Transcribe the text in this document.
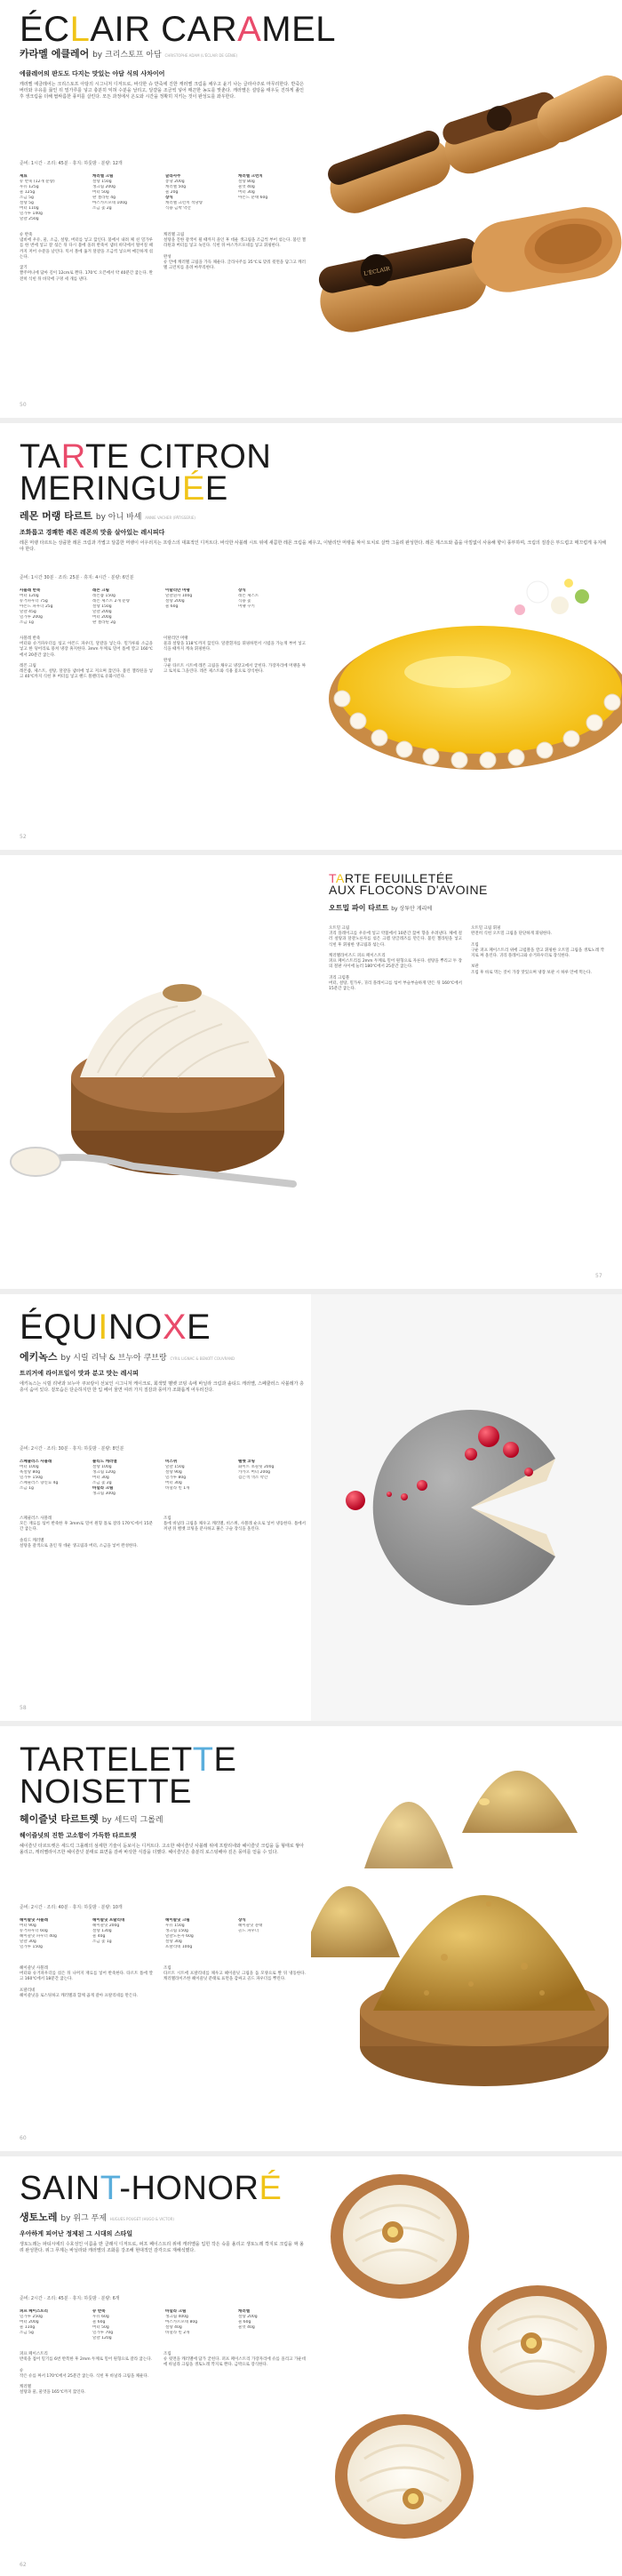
ÉCLAIR CARAMEL
카라멜 에클레어 by 크리스토프 아담 CHRISTOPHE ADAM (L'ÉCLAIR DE GÉNIE)
에클레어의 판도도 다지는 맛있는 아담 식의 사차이어
캐러멜 에클레어는 크리스토프 아담의 시그니처 디저트로, 바삭한 슈 반죽에 진한 캐러멜 크림을 채우고 윤기 나는 글라사주로 마무리한다. 반죽은 버터와 우유를 끓인 뒤 밀가루를 넣고 충분히 익혀 수분을 날리고, 달걀을 조금씩 넣어 매끈한 농도를 맞춘다. 캐러멜은 설탕을 태우듯 진하게 졸인 후 생크림을 더해 쌉싸름한 풍미를 살린다. 모든 과정에서 온도와 시간을 정확히 지키는 것이 완성도를 좌우한다.
준비: 1시간 · 조리: 45분 · 휴지: 하룻밤 · 분량: 12개
재료
슈 반죽 (12개 분량)
우유 125g
물 125g
소금 5g
설탕 5g
버터 110g
밀가루 140g
달걀 250g
캐러멜 크림
설탕 150g
생크림 200g
버터 50g
판 젤라틴 4g
마스카르포네 100g
소금 꽃 2g
글라사주
퐁당 200g
캐러멜 50g
물 20g
장식
캐러멜 크런치 적당량
식용 금박 약간
캐러멜 크런치
설탕 80g
물엿 40g
버터 30g
아몬드 분태 60g
슈 반죽
냄비에 우유, 물, 소금, 설탕, 버터를 넣고 끓인다. 불에서 내려 체 친 밀가루를 한 번에 넣고 잘 섞은 뒤 다시 불에 올려 반죽이 냄비 바닥에서 떨어질 때까지 저어 수분을 날린다. 믹서 볼에 옮겨 달걀을 조금씩 넣으며 매끈하게 섞는다.

굽기
짤주머니에 담아 길이 12cm로 짠다. 170℃ 오븐에서 약 40분간 굽는다. 완전히 식힌 뒤 바닥에 구멍 세 개를 낸다.
캐러멜 크림
설탕을 진한 갈색이 될 때까지 졸인 후 데운 생크림을 조금씩 부어 섞는다. 불린 젤라틴과 버터를 넣고 녹인다. 식힌 뒤 마스카르포네를 넣고 휘핑한다.

완성
슈 안에 캐러멜 크림을 가득 채운다. 글라사주를 35℃로 맞춰 윗면을 담그고 캐러멜 크런치를 올려 마무리한다.
50
L'ÉCLAIR
TARTE CITRON
MERINGUÉE
레몬 머랭 타르트 by 아니 바셰 ANNIE VACHER (PÂTISSERIE)
조화롭고 경쾌한 레몬 레몬의 맛을 살아있는 레시피다
레몬 머랭 타르트는 상큼한 레몬 크림과 가볍고 달콤한 머랭이 어우러지는 프랑스의 대표적인 디저트다. 바삭한 사블레 시트 위에 새콤한 레몬 크림을 채우고, 이탈리안 머랭을 짜서 토치로 살짝 그을려 완성한다. 레몬 제스트와 즙을 아낌없이 사용해 향이 풍부하며, 크림의 질감은 부드럽고 매끄럽게 유지해야 한다.
준비: 1시간 30분 · 조리: 25분 · 휴지: 4시간 · 분량: 6인분
사블레 반죽
버터 120g
슈거파우더 75g
아몬드 파우더 25g
달걀 45g
밀가루 200g
소금 1g
레몬 크림
레몬즙 150g
레몬 제스트 2개 분량
설탕 150g
달걀 200g
버터 200g
판 젤라틴 2g
이탈리안 머랭
달걀흰자 100g
설탕 200g
물 60g
장식
레몬 제스트
식용 꽃
머랭 쿠키
사블레 반죽
버터와 슈거파우더를 섞고 아몬드 파우더, 달걀을 넣는다. 밀가루와 소금을 넣고 한 덩어리로 뭉쳐 냉장 휴지한다. 3mm 두께로 밀어 틀에 깔고 160℃에서 20분간 굽는다.

레몬 크림
레몬즙, 제스트, 설탕, 달걀을 냄비에 넣고 저으며 끓인다. 불린 젤라틴을 넣고 40℃까지 식힌 후 버터를 넣고 핸드 블렌더로 유화시킨다.
이탈리안 머랭
물과 설탕을 118℃까지 끓인다. 달걀흰자를 휘핑하면서 시럽을 가늘게 부어 넣고 식을 때까지 계속 휘핑한다.

완성
구운 타르트 시트에 레몬 크림을 채우고 냉장고에서 굳힌다. 가장자리에 머랭을 짜고 토치로 그을린다. 레몬 제스트와 식용 꽃으로 장식한다.
52
TARTE FEUILLETÉE
AUX FLOCONS D'AVOINE
오트밀 파이 타르트 by 상투안 게리에
오트밀 크림
귀리 플레이크를 우유에 넣고 약불에서 10분간 끓여 향을 우려낸다. 체에 걸러 설탕과 달걀노른자를 섞은 크렘 앙글레즈를 만든다. 불린 젤라틴을 넣고 식힌 후 휘핑한 생크림과 섞는다.

캐러멜라이즈드 퍼프 페이스트리
퍼프 페이스트리를 2mm 두께로 밀어 원형으로 자른다. 설탕을 뿌리고 두 장의 철판 사이에 눌러 180℃에서 25분간 굽는다.

귀리 크럼블
버터, 설탕, 밀가루, 귀리 플레이크를 섞어 부슬부슬하게 만든 뒤 160℃에서 15분간 굽는다.
오트밀 크림 휘핑
완전히 식힌 오트밀 크림을 단단하게 휘핑한다.

조립
구운 퍼프 페이스트리 위에 크럼블을 깔고 휘핑한 오트밀 크림을 생토노레 깍지로 짜 올린다. 귀리 플레이크와 슈거파우더로 장식한다.

보관
조립 후 바로 먹는 것이 가장 맛있으며 냉장 보관 시 하루 안에 먹는다.
57
ÉQUINOXE
에키녹스 by 시릴 리냑 & 브누아 쿠브랑 CYRIL LIGNAC & BENOÎT COUVRAND
트리거에 라이프일이 맛과 분고 맛는 레시피
에키녹스는 시릴 리냑과 브누아 쿠브랑이 선보인 시그니처 케이크로, 회색빛 벨벳 코팅 속에 바닐라 크림과 솔티드 캐러멜, 스페큘러스 사블레가 층층이 숨어 있다. 겉모습은 단순하지만 한 입 베어 물면 여러 가지 질감과 풍미가 조화롭게 어우러진다.
준비: 2시간 · 조리: 30분 · 휴지: 하룻밤 · 분량: 8인분
스페큘러스 사블레
버터 100g
흑설탕 80g
밀가루 150g
스페큘러스 향신료 4g
소금 1g
솔티드 캐러멜
설탕 100g
생크림 120g
버터 30g
소금 꽃 2g
바닐라 크림
생크림 300g
비스퀴
달걀 150g
설탕 90g
밀가루 80g
버터 30g
바닐라 빈 1개
벨벳 코팅
화이트 초콜릿 200g
카카오 버터 200g
검은색 색소 약간
스페큘러스 사블레
모든 재료를 섞어 반죽한 후 3mm로 밀어 원형 틀로 잘라 170℃에서 15분간 굽는다.

솔티드 캐러멜
설탕을 갈색으로 졸인 뒤 데운 생크림과 버터, 소금을 넣어 완성한다.
조립
틀에 바닐라 크림을 채우고 캐러멜, 비스퀴, 사블레 순으로 넣어 냉동한다. 틀에서 꺼낸 뒤 벨벳 코팅을 분사하고 붉은 구슬 장식을 올린다.
58
TARTELETTE
NOISETTE
헤이즐넛 타르트렛 by 세드릭 그롤레
헤이즐넛의 진한 고소함이 가득한 타르트렛
헤이즐넛 타르트렛은 세드릭 그롤레의 섬세한 기술이 돋보이는 디저트다. 고소한 헤이즐넛 사블레 위에 프랄리네와 헤이즐넛 크림을 돔 형태로 쌓아 올리고, 캐러멜라이즈한 헤이즐넛 분태로 표면을 감싸 바삭한 식감을 더했다. 헤이즐넛은 충분히 로스팅해야 깊은 풍미를 얻을 수 있다.
준비: 2시간 · 조리: 40분 · 휴지: 하룻밤 · 분량: 10개
헤이즐넛 사블레
버터 90g
슈거파우더 60g
헤이즐넛 파우더 40g
달걀 30g
밀가루 150g
헤이즐넛 프랄리네
헤이즐넛 200g
설탕 130g
물 40g
소금 꽃 1g
헤이즐넛 크림
우유 150g
생크림 150g
달걀노른자 60g
설탕 30g
프랄리네 100g
장식
헤이즐넛 분태
골드 파우더
헤이즐넛 사블레
버터와 슈거파우더를 섞은 뒤 나머지 재료를 넣어 반죽한다. 타르트 틀에 깔고 160℃에서 18분간 굽는다.

프랄리네
헤이즐넛을 로스팅하고 캐러멜과 함께 곱게 갈아 프랄리네를 만든다.
조립
타르트 시트에 프랄리네를 채우고 헤이즐넛 크림을 돔 모양으로 짠 뒤 냉동한다. 캐러멜라이즈한 헤이즐넛 분태로 표면을 감싸고 골드 파우더를 뿌린다.
60
SAINT-HONORÉ
생토노레 by 위그 푸제 HUGUES POUGET (HUGO & VICTOR)
우아하게 피어난 정제된 그 시대의 스타일
생토노레는 파티시에의 수호성인 이름을 딴 클래식 디저트로, 퍼프 페이스트리 위에 캐러멜을 입힌 작은 슈를 올리고 생토노레 깍지로 크림을 짜 올려 완성한다. 위그 푸제는 바닐라와 캐러멜의 조화를 강조해 현대적인 감각으로 재해석했다.
준비: 2시간 · 조리: 45분 · 휴지: 하룻밤 · 분량: 6개
퍼프 페이스트리
밀가루 250g
버터 200g
물 110g
소금 5g
슈 반죽
우유 60g
물 60g
버터 50g
밀가루 70g
달걀 120g
바닐라 크림
생크림 400g
마스카르포네 80g
설탕 40g
바닐라 빈 2개
캐러멜
설탕 200g
물 60g
물엿 40g
퍼프 페이스트리
반죽을 접어 밀기를 6번 반복한 후 2mm 두께로 밀어 원형으로 잘라 굽는다.

슈
작은 슈를 짜서 170℃에서 25분간 굽는다. 식힌 후 바닐라 크림을 채운다.

캐러멜
설탕과 물, 물엿을 165℃까지 끓인다.
조립
슈 윗면을 캐러멜에 담가 굳힌다. 퍼프 페이스트리 가장자리에 슈를 올리고 가운데에 바닐라 크림을 생토노레 깍지로 짠다. 금박으로 장식한다.
62
